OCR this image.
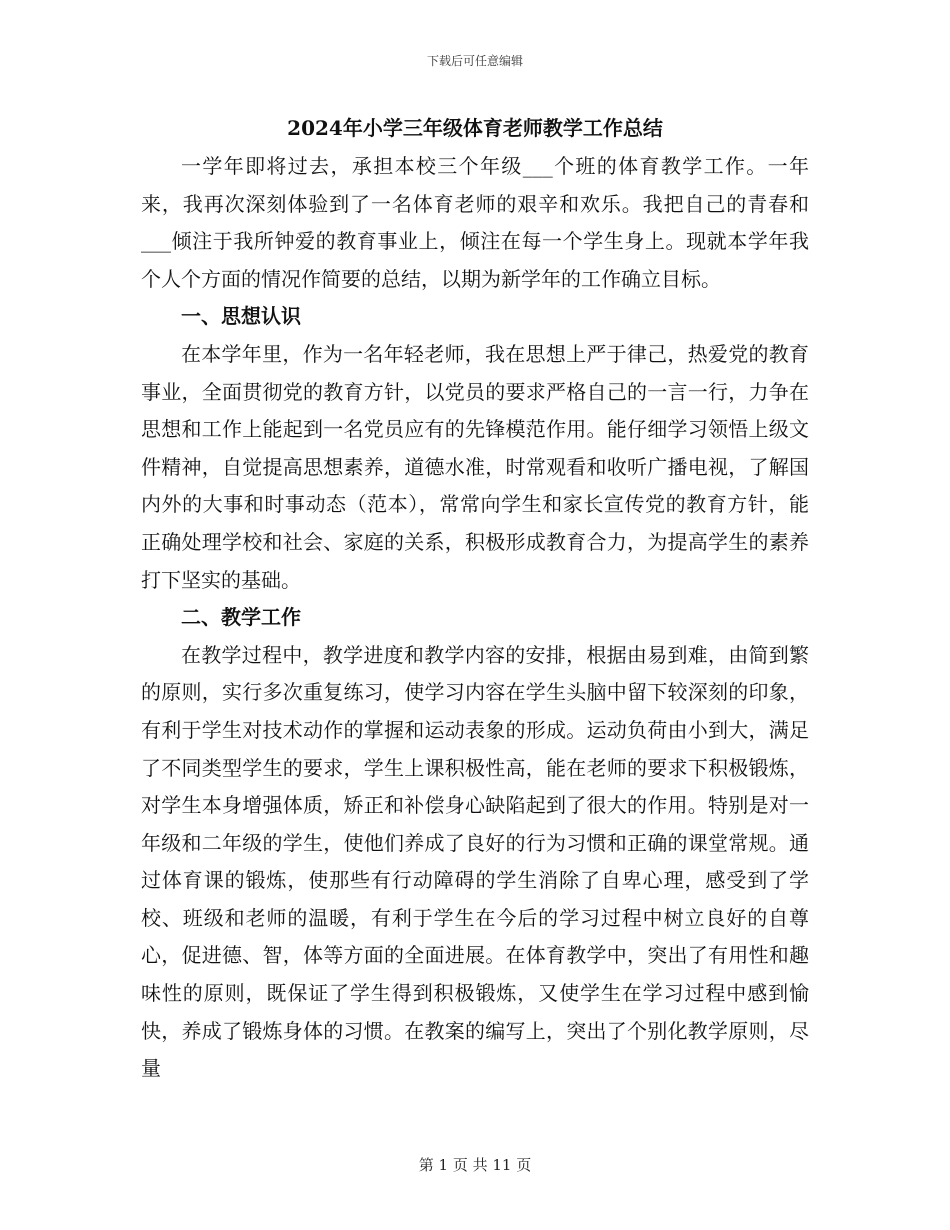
下载后可任意编辑
2024年小学三年级体育老师教学工作总结

一学年即将过去，承担本校三个年级___个班的体育教学工作。一年来，我再次深刻体验到了一名体育老师的艰辛和欢乐。我把自己的青春和___倾注于我所钟爱的教育事业上，倾注在每一个学生身上。现就本学年我个人个方面的情况作简要的总结，以期为新学年的工作确立目标。

一、思想认识

在本学年里，作为一名年轻老师，我在思想上严于律己，热爱党的教育事业，全面贯彻党的教育方针，以党员的要求严格自己的一言一行，力争在思想和工作上能起到一名党员应有的先锋模范作用。能仔细学习领悟上级文件精神，自觉提高思想素养，道德水准，时常观看和收听广播电视，了解国内外的大事和时事动态（范本），常常向学生和家长宣传党的教育方针，能正确处理学校和社会、家庭的关系，积极形成教育合力，为提高学生的素养打下坚实的基础。

二、教学工作

在教学过程中，教学进度和教学内容的安排，根据由易到难，由简到繁的原则，实行多次重复练习，使学习内容在学生头脑中留下较深刻的印象，有利于学生对技术动作的掌握和运动表象的形成。运动负荷由小到大，满足了不同类型学生的要求，学生上课积极性高，能在老师的要求下积极锻炼，对学生本身增强体质，矫正和补偿身心缺陷起到了很大的作用。特别是对一年级和二年级的学生，使他们养成了良好的行为习惯和正确的课堂常规。通过体育课的锻炼，使那些有行动障碍的学生消除了自卑心理，感受到了学校、班级和老师的温暖，有利于学生在今后的学习过程中树立良好的自尊心，促进德、智，体等方面的全面进展。在体育教学中，突出了有用性和趣味性的原则，既保证了学生得到积极锻炼，又使学生在学习过程中感到愉快，养成了锻炼身体的习惯。在教案的编写上，突出了个别化教学原则，尽量

第 1 页 共 11 页
